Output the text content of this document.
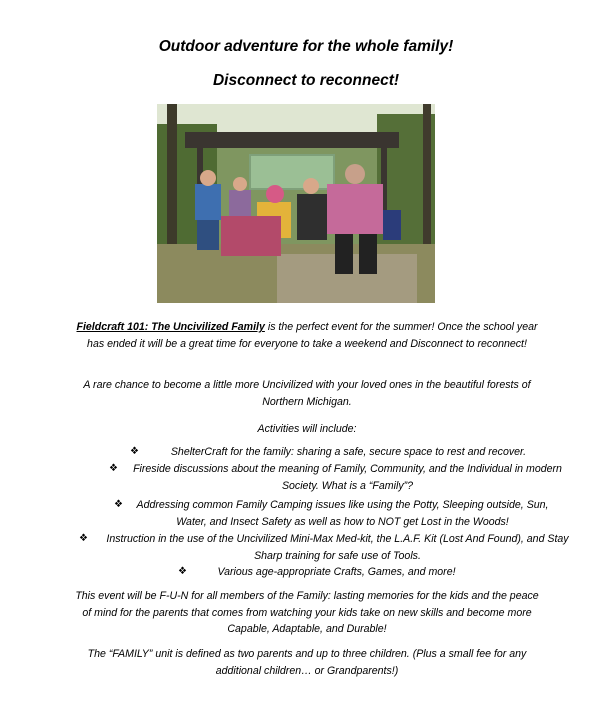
Outdoor adventure for the whole family!
Disconnect to reconnect!
Fieldcraft 101: The Uncivilized Family is the perfect event for the summer! Once the school year has ended it will be a great time for everyone to take a weekend and Disconnect to reconnect!
A rare chance to become a little more Uncivilized with your loved ones in the beautiful forests of Northern Michigan.
Activities will include:
❖	ShelterCraft for the family: sharing a safe, secure space to rest and recover.
❖	Fireside discussions about the meaning of Family, Community, and the Individual in modern Society. What is a “Family”?
❖	Addressing common Family Camping issues like using the Potty, Sleeping outside, Sun, Water, and Insect Safety as well as how to NOT get Lost in the Woods!
❖	Instruction in the use of the Uncivilized Mini-Max Med-kit, the L.A.F. Kit (Lost And Found), and Stay Sharp training for safe use of Tools.
❖	Various age-appropriate Crafts, Games, and more!
This event will be F-U-N for all members of the Family: lasting memories for the kids and the peace of mind for the parents that comes from watching your kids take on new skills and become more Capable, Adaptable, and Durable!
The “FAMILY” unit is defined as two parents and up to three children. (Plus a small fee for any additional children… or Grandparents!)
